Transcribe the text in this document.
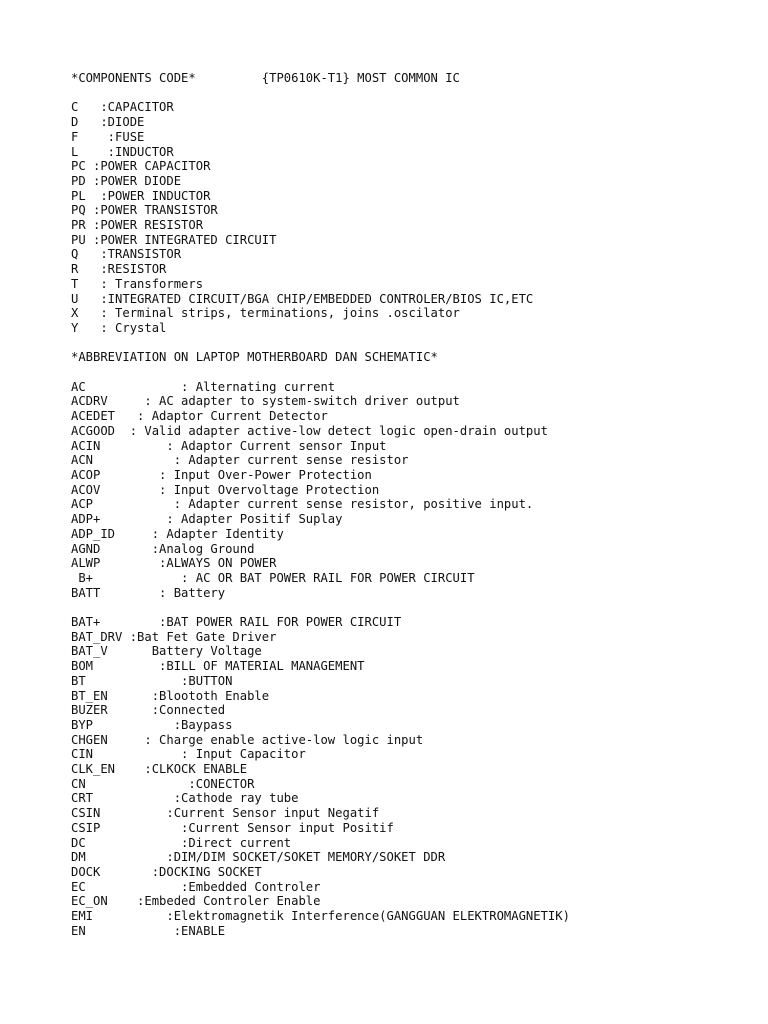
*COMPONENTS CODE*         {TP0610K-T1} MOST COMMON IC

C   :CAPACITOR
D   :DIODE
F    :FUSE
L    :INDUCTOR
PC :POWER CAPACITOR
PD :POWER DIODE
PL  :POWER INDUCTOR
PQ :POWER TRANSISTOR
PR :POWER RESISTOR
PU :POWER INTEGRATED CIRCUIT
Q   :TRANSISTOR
R   :RESISTOR
T   : Transformers
U   :INTEGRATED CIRCUIT/BGA CHIP/EMBEDDED CONTROLER/BIOS IC,ETC
X   : Terminal strips, terminations, joins .oscilator
Y   : Crystal

*ABBREVIATION ON LAPTOP MOTHERBOARD DAN SCHEMATIC*

AC             : Alternating current
ACDRV     : AC adapter to system-switch driver output
ACEDET   : Adaptor Current Detector
ACGOOD  : Valid adapter active-low detect logic open-drain output
ACIN         : Adaptor Current sensor Input
ACN           : Adapter current sense resistor
ACOP        : Input Over-Power Protection
ACOV        : Input Overvoltage Protection
ACP           : Adapter current sense resistor, positive input.
ADP+         : Adapter Positif Suplay
ADP_ID     : Adapter Identity
AGND       :Analog Ground
ALWP        :ALWAYS ON POWER
B+            : AC OR BAT POWER RAIL FOR POWER CIRCUIT
BATT        : Battery

BAT+        :BAT POWER RAIL FOR POWER CIRCUIT
BAT_DRV :Bat Fet Gate Driver
BAT_V      Battery Voltage
BOM         :BILL OF MATERIAL MANAGEMENT
BT             :BUTTON
BT_EN      :Bloototh Enable
BUZER      :Connected
BYP           :Baypass
CHGEN     : Charge enable active-low logic input
CIN            : Input Capacitor
CLK_EN    :CLKOCK ENABLE
CN              :CONECTOR
CRT           :Cathode ray tube
CSIN         :Current Sensor input Negatif
CSIP           :Current Sensor input Positif
DC             :Direct current
DM           :DIM/DIM SOCKET/SOKET MEMORY/SOKET DDR
DOCK       :DOCKING SOCKET
EC             :Embedded Controler
EC_ON    :Embeded Controler Enable
EMI          :Elektromagnetik Interference(GANGGUAN ELEKTROMAGNETIK)
EN            :ENABLE
